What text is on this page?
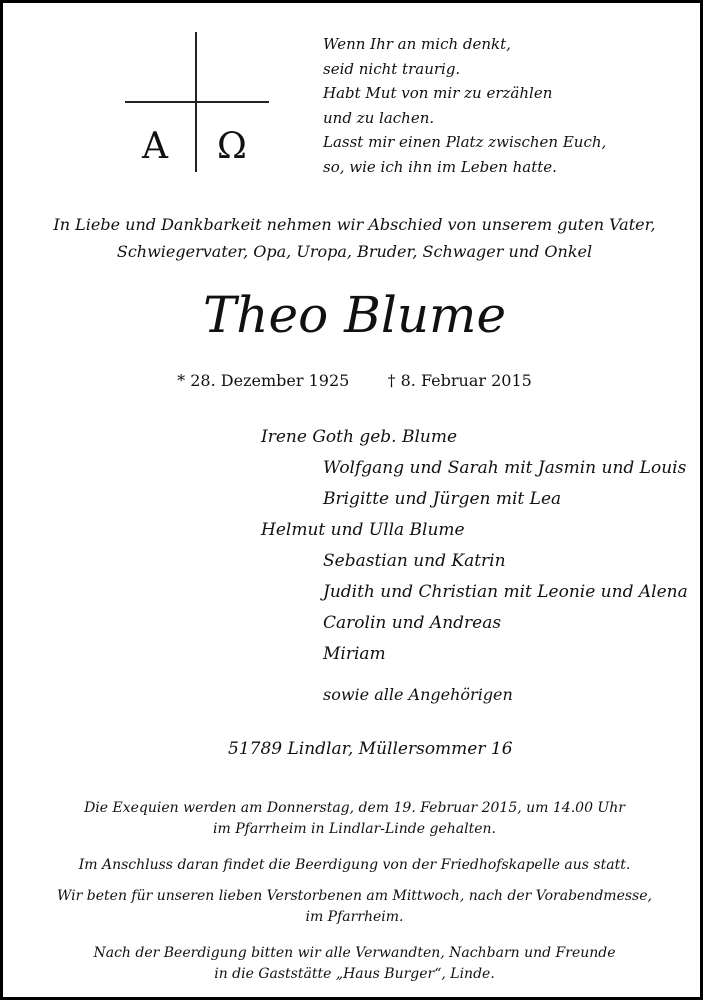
A Ω
Wenn Ihr an mich denkt,
seid nicht traurig.
Habt Mut von mir zu erzählen
und zu lachen.
Lasst mir einen Platz zwischen Euch,
so, wie ich ihn im Leben hatte.
In Liebe und Dankbarkeit nehmen wir Abschied von unserem guten Vater,
Schwiegervater, Opa, Uropa, Bruder, Schwager und Onkel
Theo Blume
* 28. Dezember 1925 † 8. Februar 2015
Irene Goth geb. Blume
Wolfgang und Sarah mit Jasmin und Louis
Brigitte und Jürgen mit Lea
Helmut und Ulla Blume
Sebastian und Katrin
Judith und Christian mit Leonie und Alena
Carolin und Andreas
Miriam
sowie alle Angehörigen
51789 Lindlar, Müllersommer 16
Die Exequien werden am Donnerstag, dem 19. Februar 2015, um 14.00 Uhr
im Pfarrheim in Lindlar-Linde gehalten.
Im Anschluss daran findet die Beerdigung von der Friedhofskapelle aus statt.
Wir beten für unseren lieben Verstorbenen am Mittwoch, nach der Vorabendmesse,
im Pfarrheim.
Nach der Beerdigung bitten wir alle Verwandten, Nachbarn und Freunde
in die Gaststätte „Haus Burger“, Linde.
